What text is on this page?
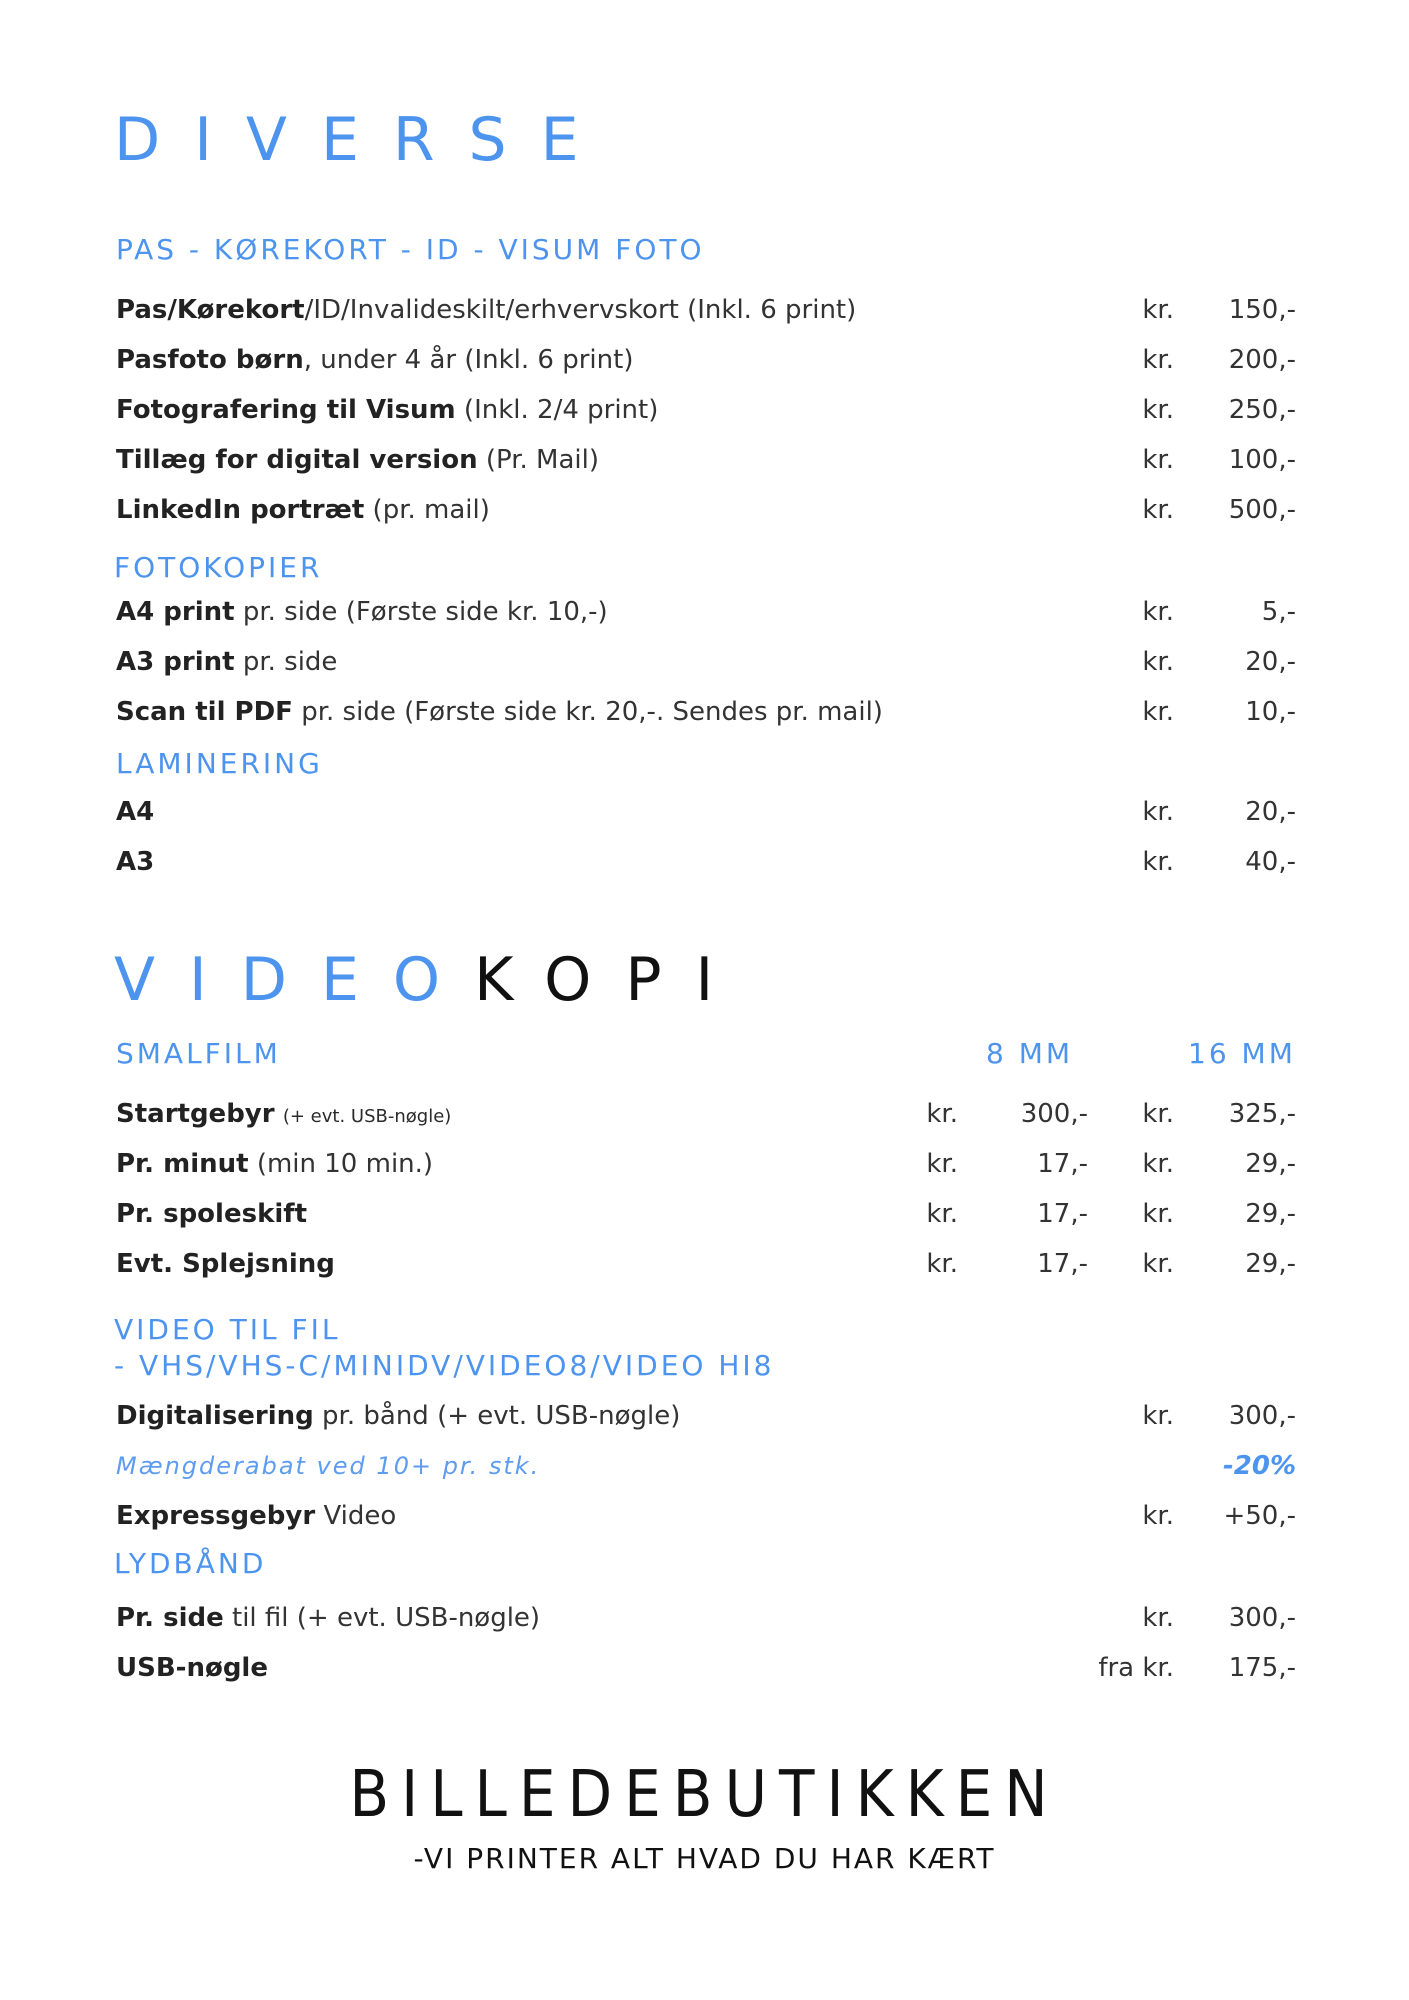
DIVERSE
PAS - KØREKORT - ID - VISUM FOTO
Pas/Kørekort/ID/Invalideskilt/erhvervskort (Inkl. 6 print)	kr.	150,-
Pasfoto børn, under 4 år (Inkl. 6 print)	kr.	200,-
Fotografering til Visum (Inkl. 2/4 print)	kr.	250,-
Tillæg for digital version (Pr. Mail)	kr.	100,-
LinkedIn portræt (pr. mail)	kr.	500,-
FOTOKOPIER
A4 print pr. side (Første side kr. 10,-)	kr.	5,-
A3 print pr. side	kr.	20,-
Scan til PDF pr. side (Første side kr. 20,-. Sendes pr. mail)	kr.	10,-
LAMINERING
A4	kr.	20,-
A3	kr.	40,-
VIDEOKOPI
SMALFILM	8 MM	16 MM
Startgebyr (+ evt. USB-nøgle)	kr.	300,-	kr.	325,-
Pr. minut (min 10 min.)	kr.	17,-	kr.	29,-
Pr. spoleskift	kr.	17,-	kr.	29,-
Evt. Splejsning	kr.	17,-	kr.	29,-
VIDEO TIL FIL
- VHS/VHS-C/MINIDV/VIDEO8/VIDEO HI8
Digitalisering pr. bånd (+ evt. USB-nøgle)	kr.	300,-
Mængderabat ved 10+ pr. stk.	-20%
Expressgebyr Video	kr.	+50,-
LYDBÅND
Pr. side til fil (+ evt. USB-nøgle)	kr.	300,-
USB-nøgle	fra kr.	175,-
BILLEDEBUTIKKEN
-VI PRINTER ALT HVAD DU HAR KÆRT
